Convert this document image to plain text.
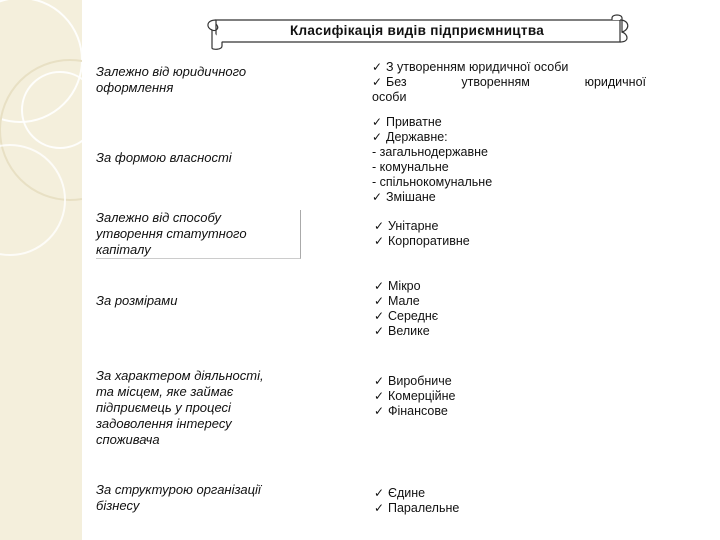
Класифікація видів підприємництва
Залежно від юридичного
оформлення
✓ З утворенням юридичної особи
✓ Без	утворенням	юридичної
особи
За формою власності
✓ Приватне
✓ Державне:
- загальнодержавне
- комунальне
- спільнокомунальне
✓ Змішане
Залежно від способу
утворення статутного
капіталу
✓ Унітарне
✓ Корпоративне
За розмірами
✓ Мікро
✓ Мале
✓ Середнє
✓ Велике
За характером діяльності,
та місцем, яке займає
підприємець у процесі
задоволення інтересу
споживача
✓ Виробниче
✓ Комерційне
✓ Фінансове
За структурою організації
бізнесу
✓ Єдине
✓ Паралельне
